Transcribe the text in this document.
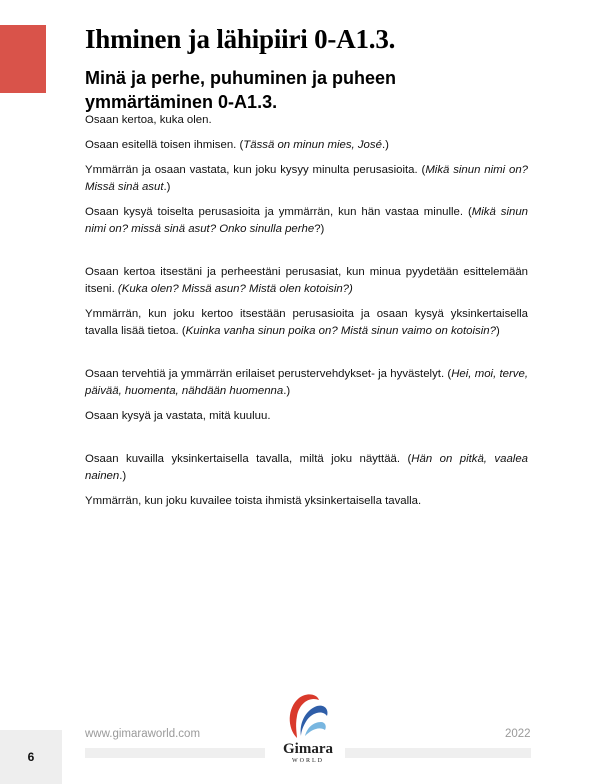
Ihminen ja lähipiiri 0-A1.3.
Minä ja perhe, puhuminen ja puheen ymmärtäminen 0-A1.3.

Osaan kertoa, kuka olen.

Osaan esitellä toisen ihmisen. (Tässä on minun mies, José.)

Ymmärrän ja osaan vastata, kun joku kysyy minulta perusasioita. (Mikä sinun nimi on? Missä sinä asut.)

Osaan kysyä toiselta perusasioita ja ymmärrän, kun hän vastaa minulle. (Mikä sinun nimi on? missä sinä asut? Onko sinulla perhe?)

Osaan kertoa itsestäni ja perheestäni perusasiat, kun minua pyydetään esittelemään itseni. (Kuka olen? Missä asun? Mistä olen kotoisin?)

Ymmärrän, kun joku kertoo itsestään perusasioita ja osaan kysyä yksinkertaisella tavalla lisää tietoa. (Kuinka vanha sinun poika on? Mistä sinun vaimo on kotoisin?)

Osaan tervehtiä ja ymmärrän erilaiset perustervehdykset- ja hyvästelyt. (Hei, moi, terve, päivää, huomenta, nähdään huomenna.)

Osaan kysyä ja vastata, mitä kuuluu.

Osaan kuvailla yksinkertaisella tavalla, miltä joku näyttää. (Hän on pitkä, vaalea nainen.)

Ymmärrän, kun joku kuvailee toista ihmistä yksinkertaisella tavalla.

www.gimaraworld.com	2022
6	Gimara
WORLD
